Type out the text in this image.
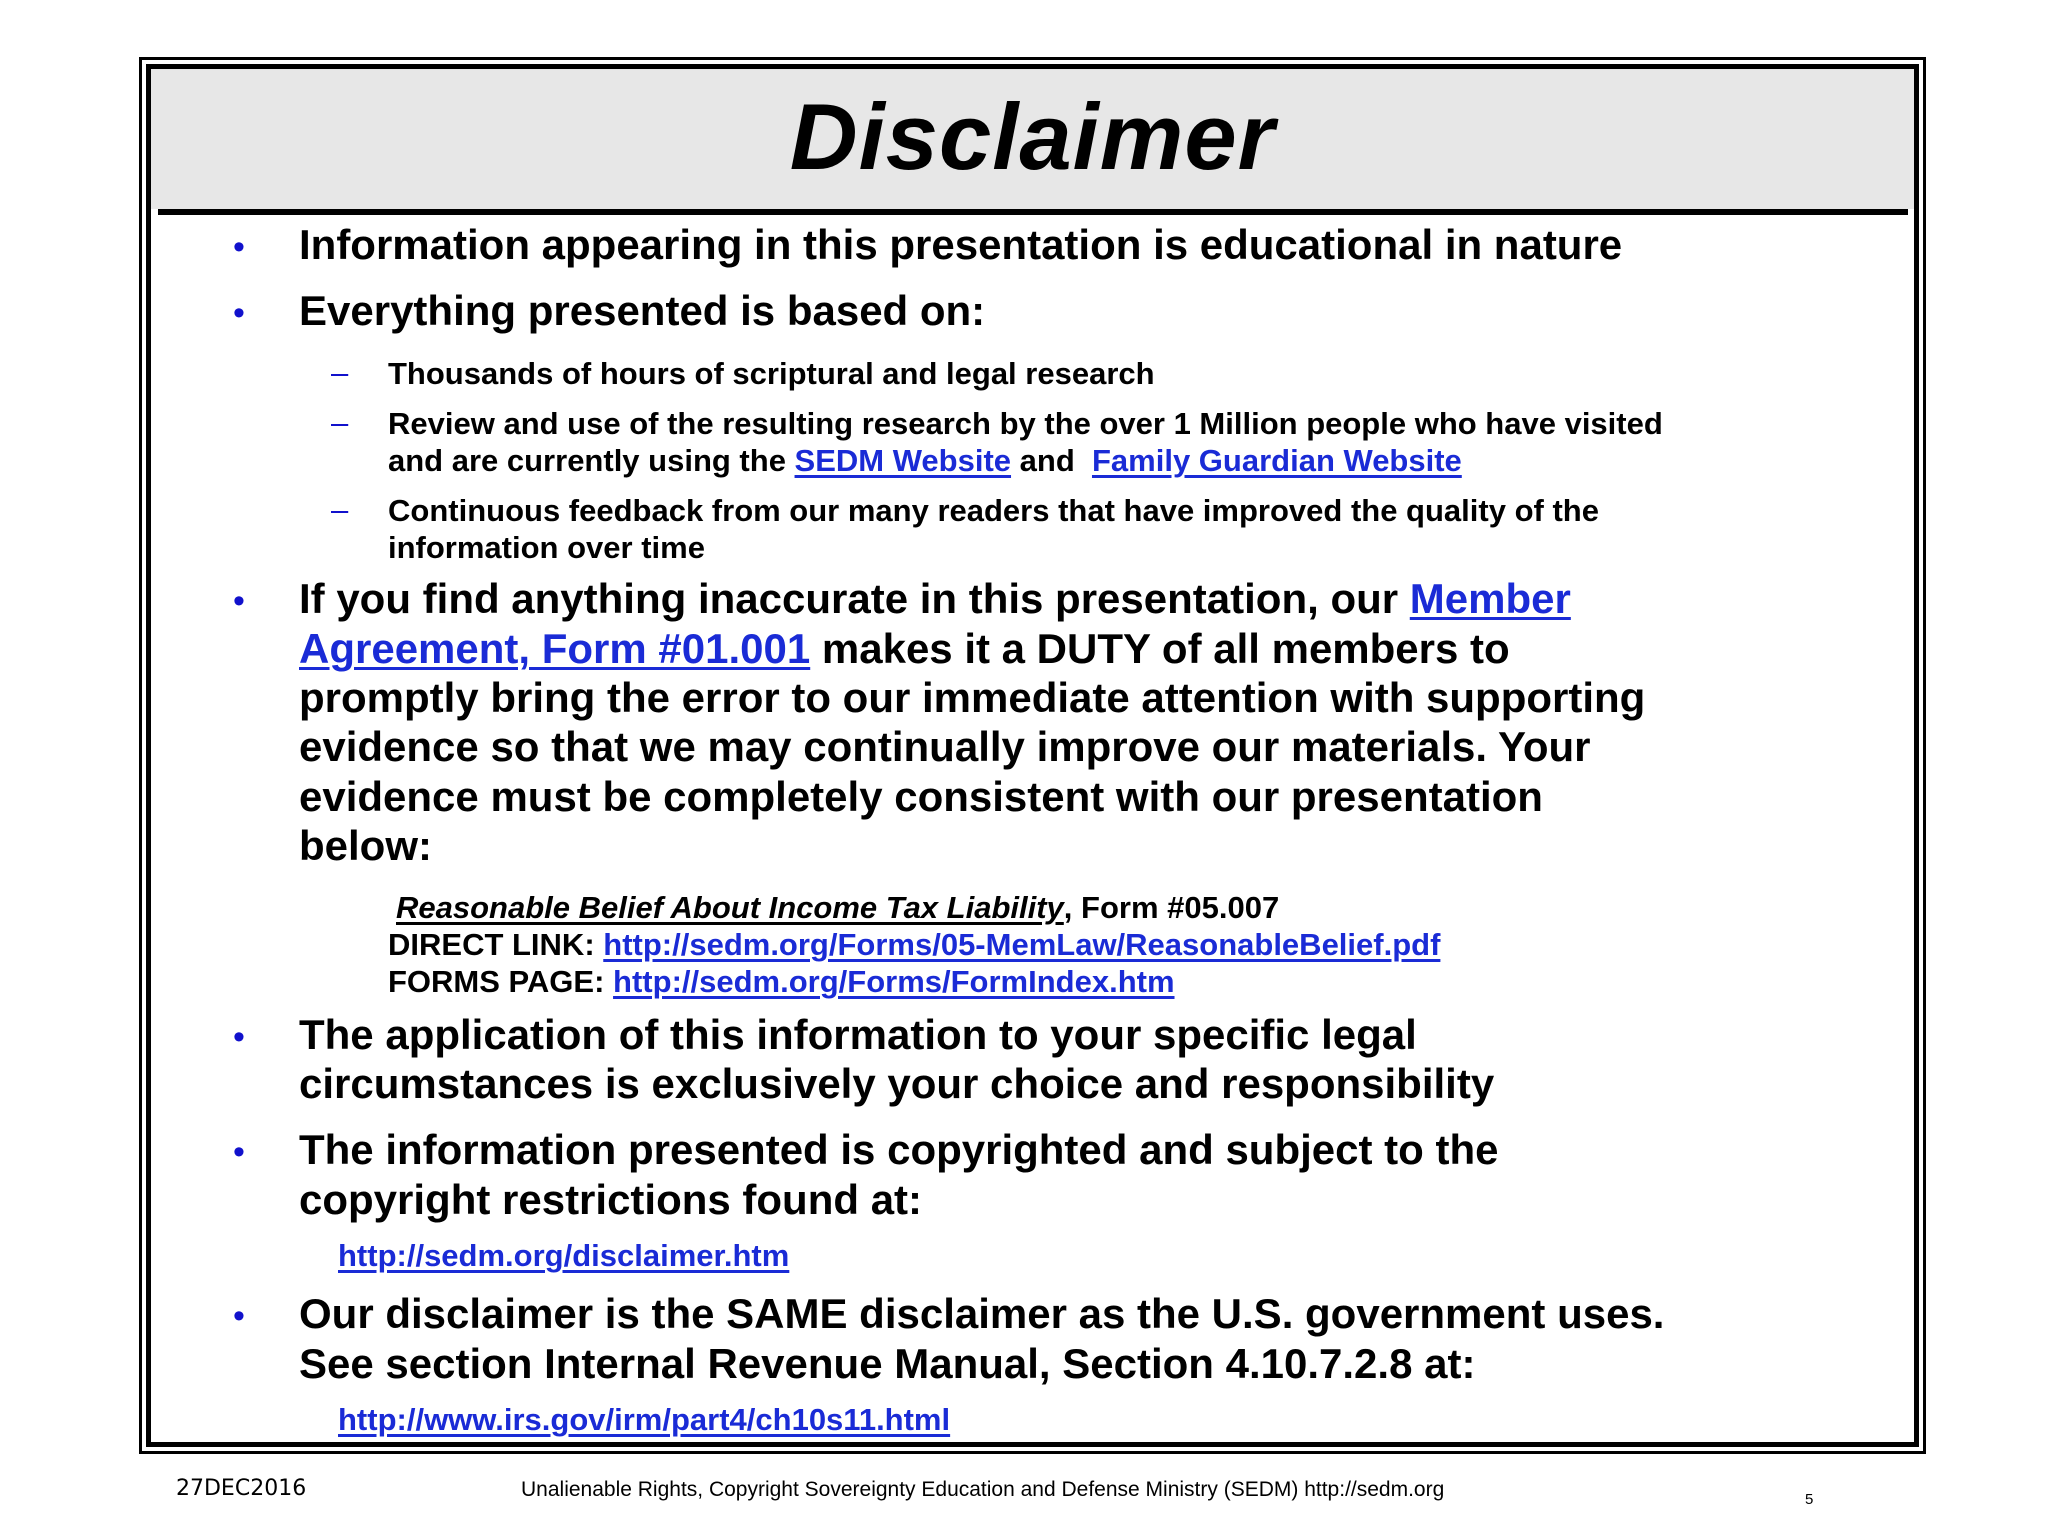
Disclaimer
• Information appearing in this presentation is educational in nature
• Everything presented is based on:
– Thousands of hours of scriptural and legal research
– Review and use of the resulting research by the over 1 Million people who have visited
and are currently using the SEDM Website and  Family Guardian Website
– Continuous feedback from our many readers that have improved the quality of the
information over time
• If you find anything inaccurate in this presentation, our Member
Agreement, Form #01.001 makes it a DUTY of all members to
promptly bring the error to our immediate attention with supporting
evidence so that we may continually improve our materials. Your
evidence must be completely consistent with our presentation
below:
Reasonable Belief About Income Tax Liability, Form #05.007
DIRECT LINK: http://sedm.org/Forms/05-MemLaw/ReasonableBelief.pdf
FORMS PAGE: http://sedm.org/Forms/FormIndex.htm
• The application of this information to your specific legal
circumstances is exclusively your choice and responsibility
• The information presented is copyrighted and subject to the
copyright restrictions found at:
http://sedm.org/disclaimer.htm
• Our disclaimer is the SAME disclaimer as the U.S. government uses.
See section Internal Revenue Manual, Section 4.10.7.2.8 at:
http://www.irs.gov/irm/part4/ch10s11.html
27DEC2016	Unalienable Rights, Copyright Sovereignty Education and Defense Ministry (SEDM) http://sedm.org	5
